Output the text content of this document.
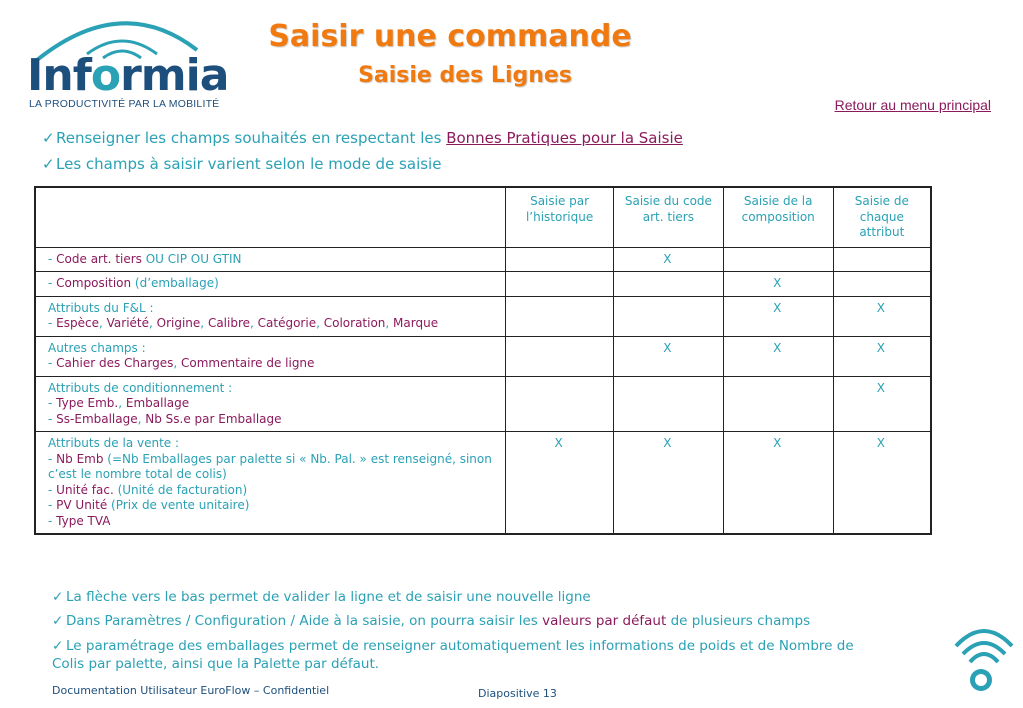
Informia
LA PRODUCTIVITÉ PAR LA MOBILITÉ
Saisir une commande
Saisie des Lignes
Retour au menu principal
✓Renseigner les champs souhaités en respectant les Bonnes Pratiques pour la Saisie
✓Les champs à saisir varient selon le mode de saisie
	Saisie par l’historique	Saisie du code art. tiers	Saisie de la composition	Saisie de chaque attribut

- Code art. tiers OU CIP OU GTIN		X		

- Composition (d’emballage)			X	

Attributs du F&L :
- Espèce, Variété, Origine, Calibre, Catégorie, Coloration, Marque			X	X

Autres champs :
- Cahier des Charges, Commentaire de ligne		X	X	X

Attributs de conditionnement :
- Type Emb., Emballage
- Ss-Emballage, Nb Ss.e par Emballage				X

Attributs de la vente :
- Nb Emb (=Nb Emballages par palette si « Nb. Pal. » est renseigné, sinon c’est le nombre total de colis)
- Unité fac. (Unité de facturation)
- PV Unité (Prix de vente unitaire)
- Type TVA	X	X	X	X
✓ La flèche vers le bas permet de valider la ligne et de saisir une nouvelle ligne
✓ Dans Paramètres / Configuration / Aide à la saisie, on pourra saisir les valeurs par défaut de plusieurs champs
✓ Le paramétrage des emballages permet de renseigner automatiquement les informations de poids et de Nombre de Colis par palette, ainsi que la Palette par défaut.
Documentation Utilisateur EuroFlow – Confidentiel	Diapositive 13
